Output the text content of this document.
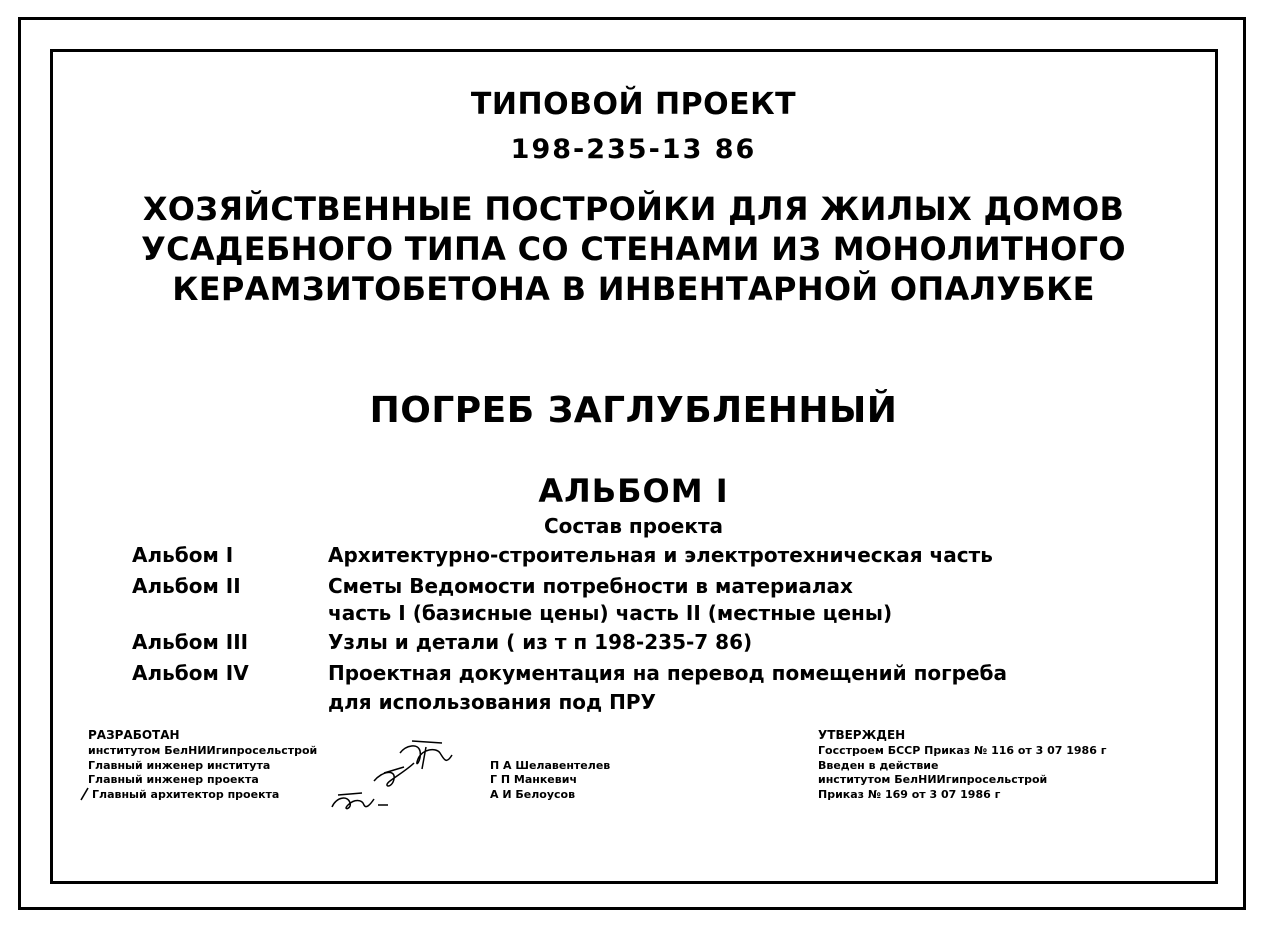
ТИПОВОЙ ПРОЕКТ
198-235-13 86
ХОЗЯЙСТВЕННЫЕ ПОСТРОЙКИ ДЛЯ ЖИЛЫХ ДОМОВ
УСАДЕБНОГО ТИПА СО СТЕНАМИ ИЗ МОНОЛИТНОГО
КЕРАМЗИТОБЕТОНА В ИНВЕНТАРНОЙ ОПАЛУБКЕ
ПОГРЕБ ЗАГЛУБЛЕННЫЙ
АЛЬБОМ I
Состав проекта
Альбом I	Архитектурно-строительная и электротехническая часть
Альбом II	Сметы Ведомости потребности в материалах
часть I (базисные цены) часть II (местные цены)
Альбом III	Узлы и детали ( из т п 198-235-7 86)
Альбом IV	Проектная документация на перевод помещений погреба
для использования под ПРУ
РАЗРАБОТАН
институтом БелНИИгипросельстрой
Главный инженер института
Главный инженер проекта
Главный архитектор проекта
П А Шелавентелев
Г П Манкевич
А И Белоусов
УТВЕРЖДЕН
Госстроем БССР Приказ № 116 от 3 07 1986 г
Введен в действие
институтом БелНИИгипросельстрой
Приказ № 169 от 3 07 1986 г
